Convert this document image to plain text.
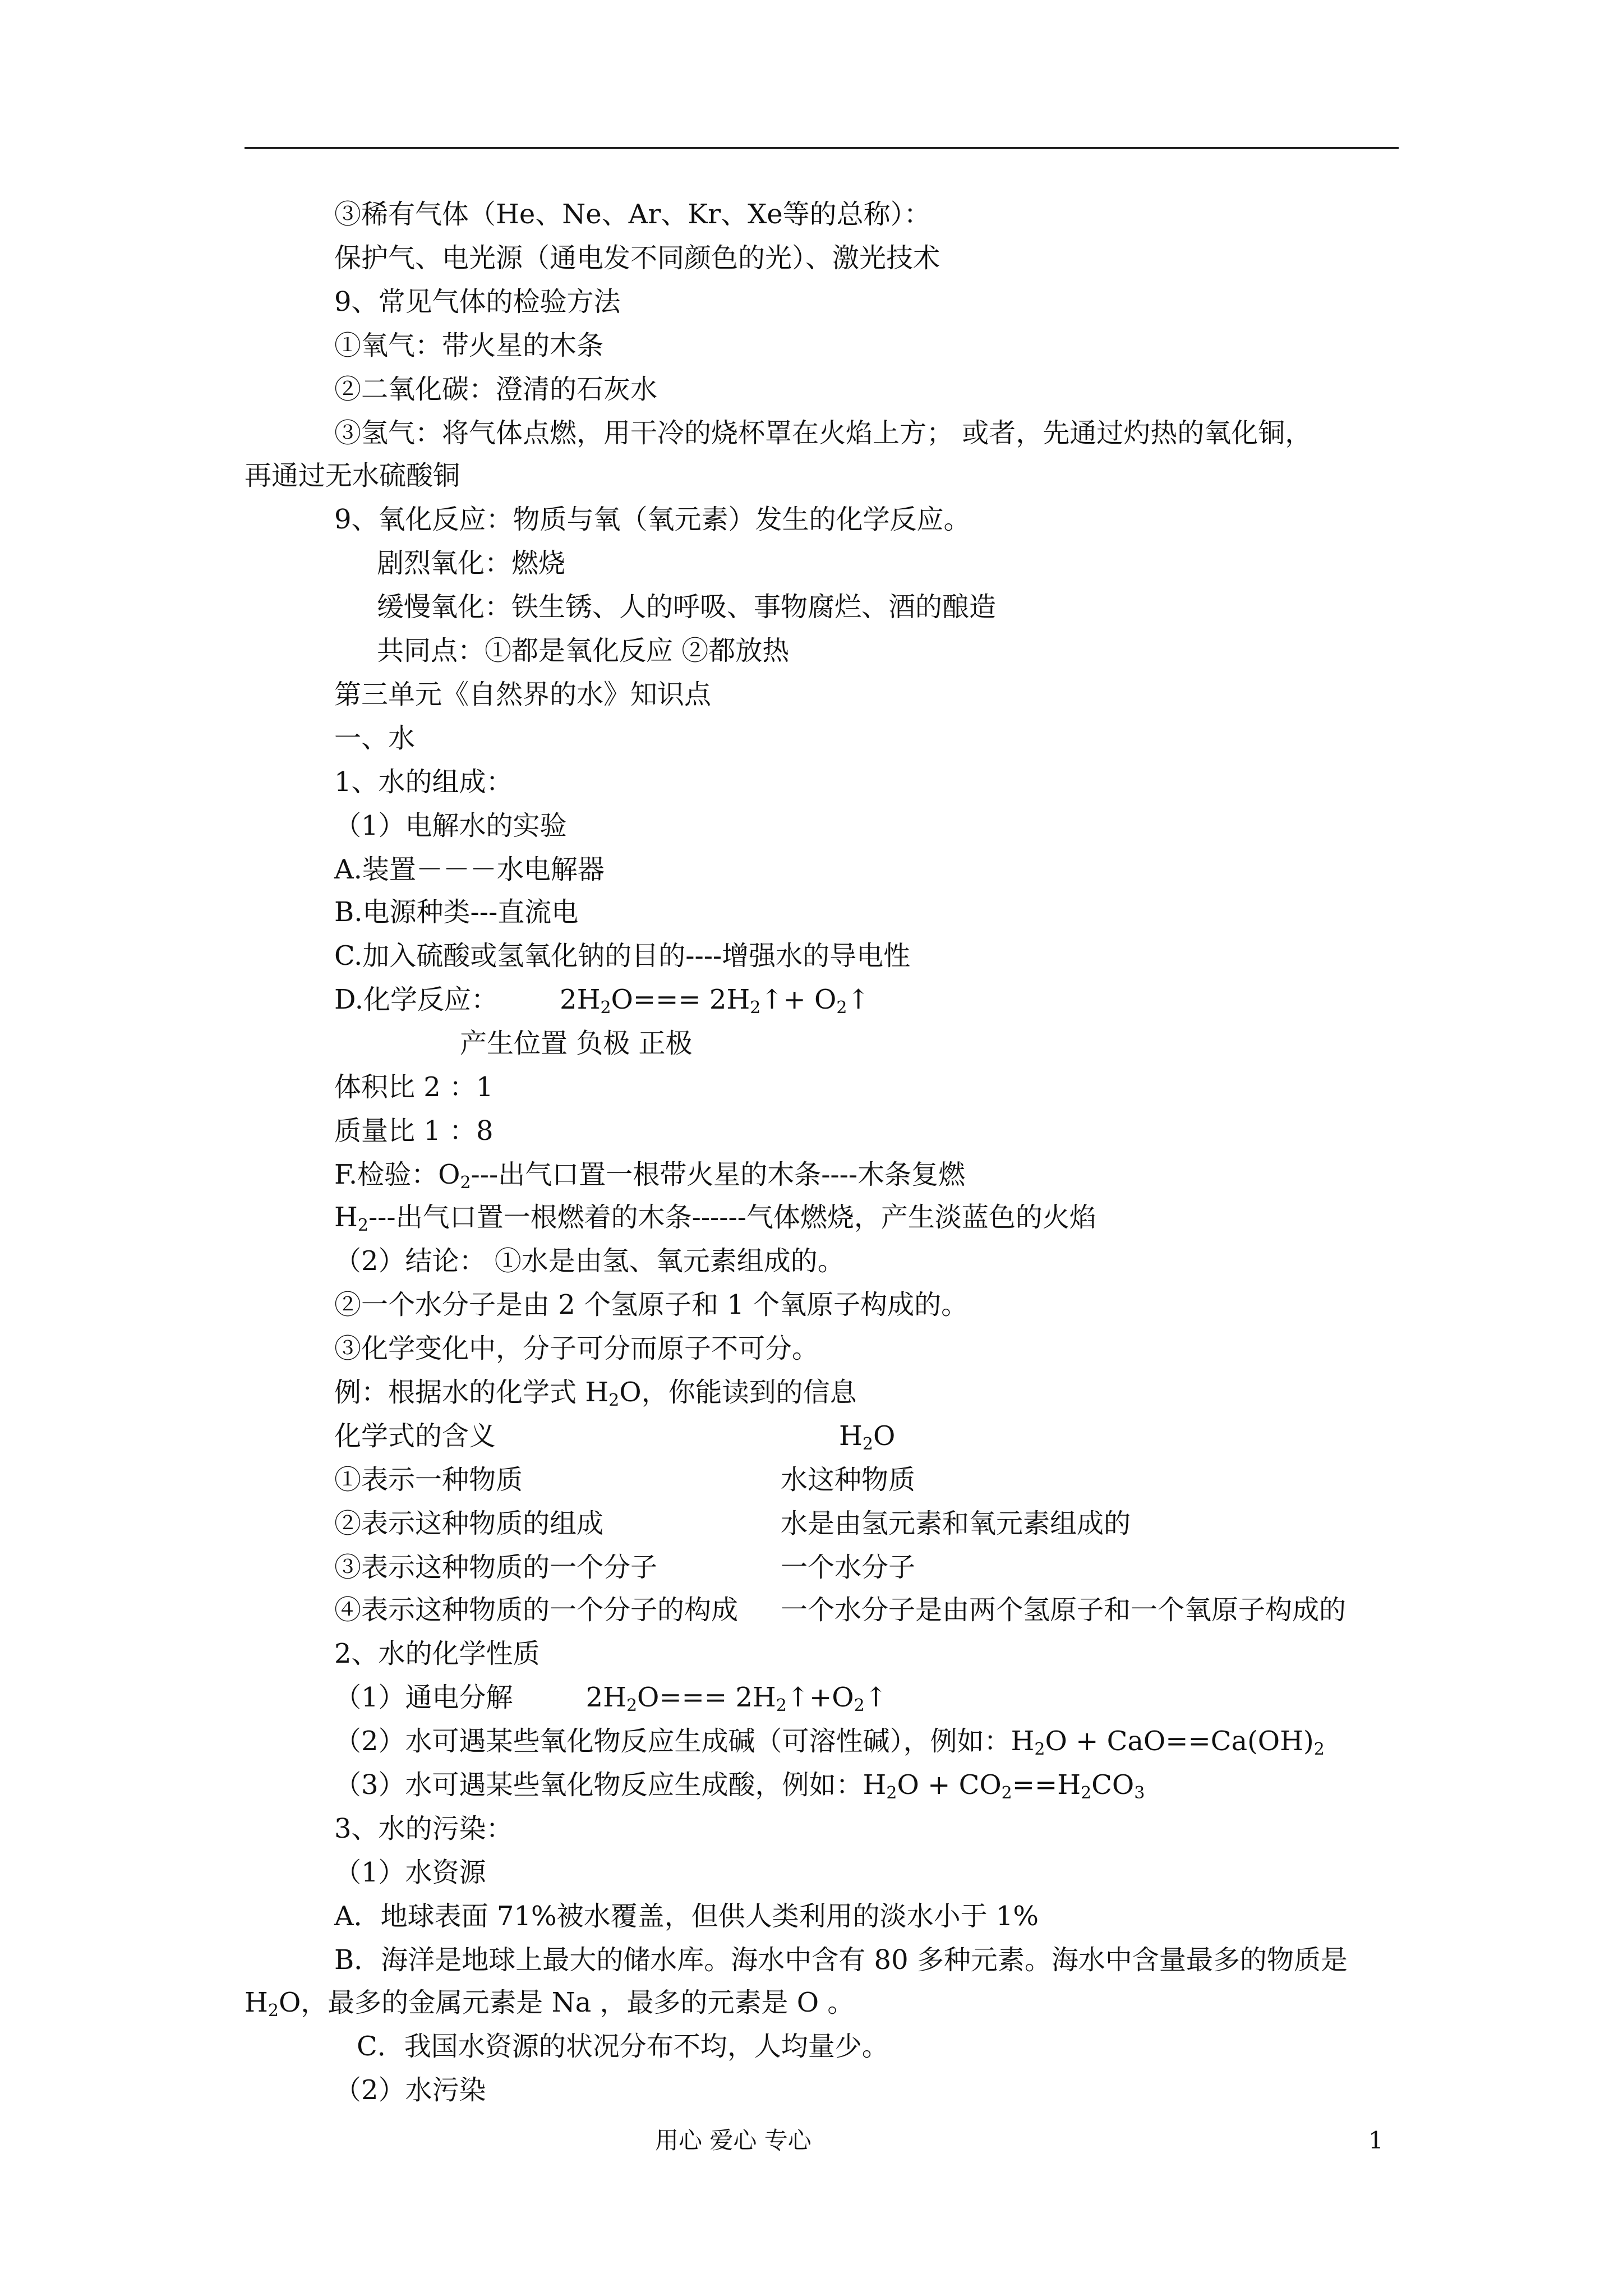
③稀有气体（He、Ne、Ar、Kr、Xe等的总称）：
保护气、电光源（通电发不同颜色的光）、激光技术
9、常见气体的检验方法
①氧气：带火星的木条
②二氧化碳：澄清的石灰水
③氢气：将气体点燃，用干冷的烧杯罩在火焰上方； 或者，先通过灼热的氧化铜，
再通过无水硫酸铜
9、氧化反应：物质与氧（氧元素）发生的化学反应。
剧烈氧化：燃烧
缓慢氧化：铁生锈、人的呼吸、事物腐烂、酒的酿造
共同点：①都是氧化反应 ②都放热
第三单元《自然界的水》知识点
一、水
1、水的组成：
（1）电解水的实验
A.装置－－－水电解器
B.电源种类---直流电
C.加入硫酸或氢氧化钠的目的----增强水的导电性
D.化学反应： $2H_2O===$ $2H_2↑+$ $O_2↑$
产生位置 负极 正极
体积比 2 ：1
质量比 1 ：8
F.检验：$O_2---$出气口置一根带火星的木条----木条复燃
$H_2---$出气口置一根燃着的木条------气体燃烧，产生淡蓝色的火焰
（2）结论： ①水是由氢、氧元素组成的。
②一个水分子是由 2 个氢原子和 1 个氧原子构成的。
③化学变化中，分子可分而原子不可分。
例：根据水的化学式 $H_2O$，你能读到的信息
化学式的含义	$H_2O$
①表示一种物质	水这种物质
②表示这种物质的组成	水是由氢元素和氧元素组成的
③表示这种物质的一个分子	一个水分子
④表示这种物质的一个分子的构成 一个水分子是由两个氢原子和一个氧原子构成的
2、水的化学性质
（1）通电分解	$2H_2O===$ $2H_2↑+O_2↑$
（2）水可遇某些氧化物反应生成碱（可溶性碱），例如：$H_2O + CaO==Ca(OH)_2$
（3）水可遇某些氧化物反应生成酸，例如：$H_2O + CO_2==H_2CO_3$
3、水的污染：
（1）水资源
A．地球表面 71%被水覆盖，但供人类利用的淡水小于 1%
B．海洋是地球上最大的储水库。海水中含有 80 多种元素。海水中含量最多的物质是
$H_2O$，最多的金属元素是 Na ，最多的元素是 O 。
C．我国水资源的状况分布不均，人均量少。
（2）水污染
用心 爱心 专心	1
